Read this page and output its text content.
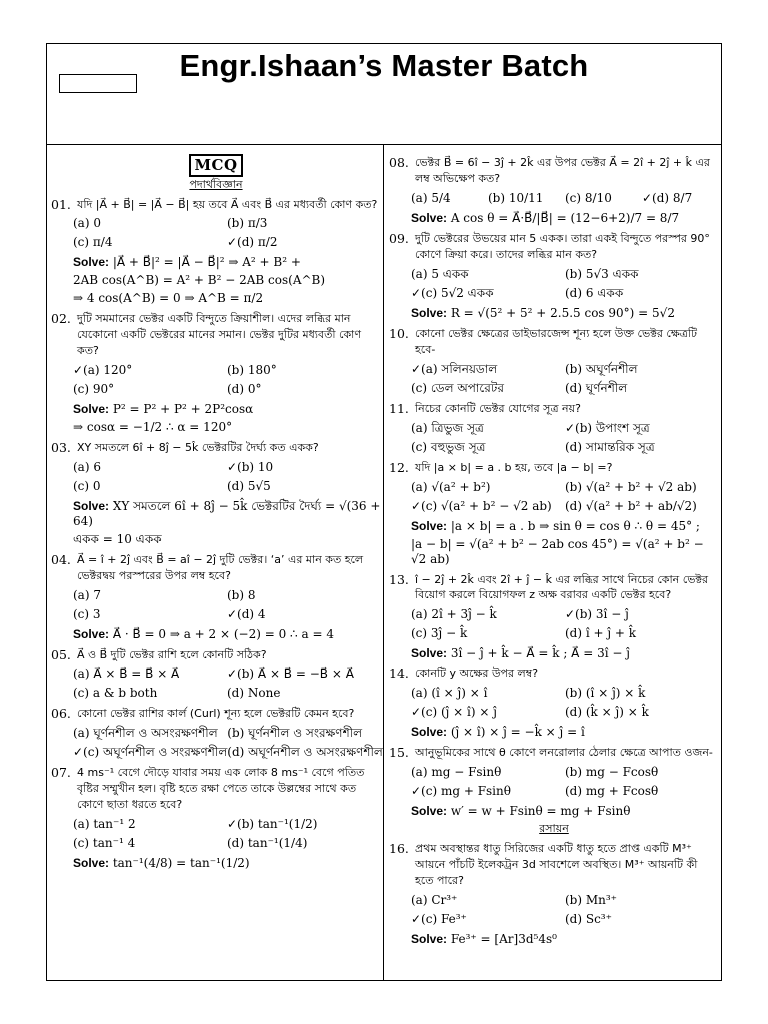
Engr.Ishaan’s Master Batch
MCQ
পদার্থবিজ্ঞান
01. যদি |A⃗ + B⃗| = |A⃗ − B⃗| হয় তবে A⃗ এবং B⃗ এর মধ্যবর্তী কোণ কত?
(a) 0	(b) π/3
(c) π/4	✓(d) π/2
Solve: |A⃗ + B⃗|² = |A⃗ − B⃗|² ⇒ A² + B² +
2AB cos(A^B) = A² + B² − 2AB cos(A^B)
⇒ 4 cos(A^B) = 0 ⇒ A^B = π/2
02. দুটি সমমানের ভেক্টর একটি বিন্দুতে ক্রিয়াশীল। এদের লব্ধির মান যেকোনো একটি ভেক্টরের মানের সমান। ভেক্টর দুটির মধ্যবর্তী কোণ কত?
✓(a) 120°	(b) 180°
(c) 90°	(d) 0°
Solve: P² = P² + P² + 2P²cosα
⇒ cosα = −1/2 ∴ α = 120°
03. XY সমতলে 6î + 8ĵ − 5k̂ ভেক্টরটির দৈর্ঘ্য কত একক?
(a) 6	✓(b) 10
(c) 0	(d) 5√5
Solve: XY সমতলে 6î + 8ĵ − 5k̂ ভেক্টরটির দৈর্ঘ্য = √(36 + 64)
একক = 10 একক
04. A⃗ = î + 2ĵ এবং B⃗ = aî − 2ĵ দুটি ভেক্টর। ‘a’ এর মান কত হলে ভেক্টরদ্বয় পরস্পরের উপর লম্ব হবে?
(a) 7	(b) 8
(c) 3	✓(d) 4
Solve: A⃗ · B⃗ = 0 ⇒ a + 2 × (−2) = 0 ∴ a = 4
05. A⃗ ও B⃗ দুটি ভেক্টর রাশি হলে কোনটি সঠিক?
(a) A⃗ × B⃗ = B⃗ × A⃗	✓(b) A⃗ × B⃗ = −B⃗ × A⃗
(c) a & b both	(d) None
06. কোনো ভেক্টর রাশির কার্ল (Curl) শূন্য হলে ভেক্টরটি কেমন হবে?
(a) ঘূর্ণনশীল ও অসংরক্ষণশীল (b) ঘূর্ণনশীল ও সংরক্ষণশীল
✓(c) অঘূর্ণনশীল ও সংরক্ষণশীল (d) অঘূর্ণনশীল ও অসংরক্ষণশীল
07. 4 ms⁻¹ বেগে দৌড়ে যাবার সময় এক লোক 8 ms⁻¹ বেগে পতিত বৃষ্টির সম্মুখীন হল। বৃষ্টি হতে রক্ষা পেতে তাকে উল্লম্বের সাথে কত কোণে ছাতা ধরতে হবে?
(a) tan⁻¹ 2	✓(b) tan⁻¹(1/2)
(c) tan⁻¹ 4	(d) tan⁻¹(1/4)
Solve: tan⁻¹(4/8) = tan⁻¹(1/2)
08. ভেক্টর B⃗ = 6î − 3ĵ + 2k̂ এর উপর ভেক্টর A⃗ = 2î + 2ĵ + k̂ এর লম্ব অভিক্ষেপ কত?
(a) 5/4	(b) 10/11	(c) 8/10	✓(d) 8/7
Solve: A cos θ = A⃗·B⃗/|B⃗| = (12−6+2)/7 = 8/7
09. দুটি ভেক্টরের উভয়ের মান 5 একক। তারা একই বিন্দুতে পরস্পর 90° কোণে ক্রিয়া করে। তাদের লব্ধির মান কত?
(a) 5 একক	(b) 5√3 একক
✓(c) 5√2 একক	(d) 6 একক
Solve: R = √(5² + 5² + 2.5.5 cos 90°) = 5√2
10. কোনো ভেক্টর ক্ষেত্রের ডাইভারজেন্স শূন্য হলে উক্ত ভেক্টর ক্ষেত্রটি হবে-
✓(a) সলিনয়ডাল	(b) অঘূর্ণনশীল
(c) ডেল অপারেটর	(d) ঘূর্ণনশীল
11. নিচের কোনটি ভেক্টর যোগের সূত্র নয়?
(a) ত্রিভুজ সূত্র	✓(b) উপাংশ সূত্র
(c) বহুভুজ সূত্র	(d) সামান্তরিক সূত্র
12. যদি |a × b| = a . b হয়, তবে |a − b| =?
(a) √(a² + b²)	(b) √(a² + b² + √2 ab)
✓(c) √(a² + b² − √2 ab)	(d) √(a² + b² + ab/√2)
Solve: |a × b| = a . b ⇒ sin θ = cos θ ∴ θ = 45° ;
|a − b| = √(a² + b² − 2ab cos 45°) = √(a² + b² − √2 ab)
13. î − 2ĵ + 2k̂ এবং 2î + ĵ − k̂ এর লব্ধির সাথে নিচের কোন ভেক্টর বিয়োগ করলে বিয়োগফল z অক্ষ বরাবর একটি ভেক্টর হবে?
(a) 2î + 3ĵ − k̂	✓(b) 3î − ĵ
(c) 3ĵ − k̂	(d) î + ĵ + k̂
Solve: 3î − ĵ + k̂ − A⃗ = k̂ ; A⃗ = 3î − ĵ
14. কোনটি y অক্ষের উপর লম্ব?
(a) (î × ĵ) × î	(b) (î × ĵ) × k̂
✓(c) (ĵ × î) × ĵ	(d) (k̂ × ĵ) × k̂
Solve: (ĵ × î) × ĵ = −k̂ × ĵ = î
15. আনুভূমিকের সাথে θ কোণে লনরোলার ঠেলার ক্ষেত্রে আপাত ওজন-
(a) mg − Fsinθ	(b) mg − Fcosθ
✓(c) mg + Fsinθ	(d) mg + Fcosθ
Solve: w′ = w + Fsinθ = mg + Fsinθ
রসায়ন
16. প্রথম অবস্থান্তর ধাতু সিরিজের একটি ধাতু হতে প্রাপ্ত একটি M³⁺ আয়নে পাঁচটি ইলেকট্রন 3d সাবশেলে অবস্থিত। M³⁺ আয়নটি কী হতে পারে?
(a) Cr³⁺	(b) Mn³⁺
✓(c) Fe³⁺	(d) Sc³⁺
Solve: Fe³⁺ = [Ar]3d⁵4s⁰
